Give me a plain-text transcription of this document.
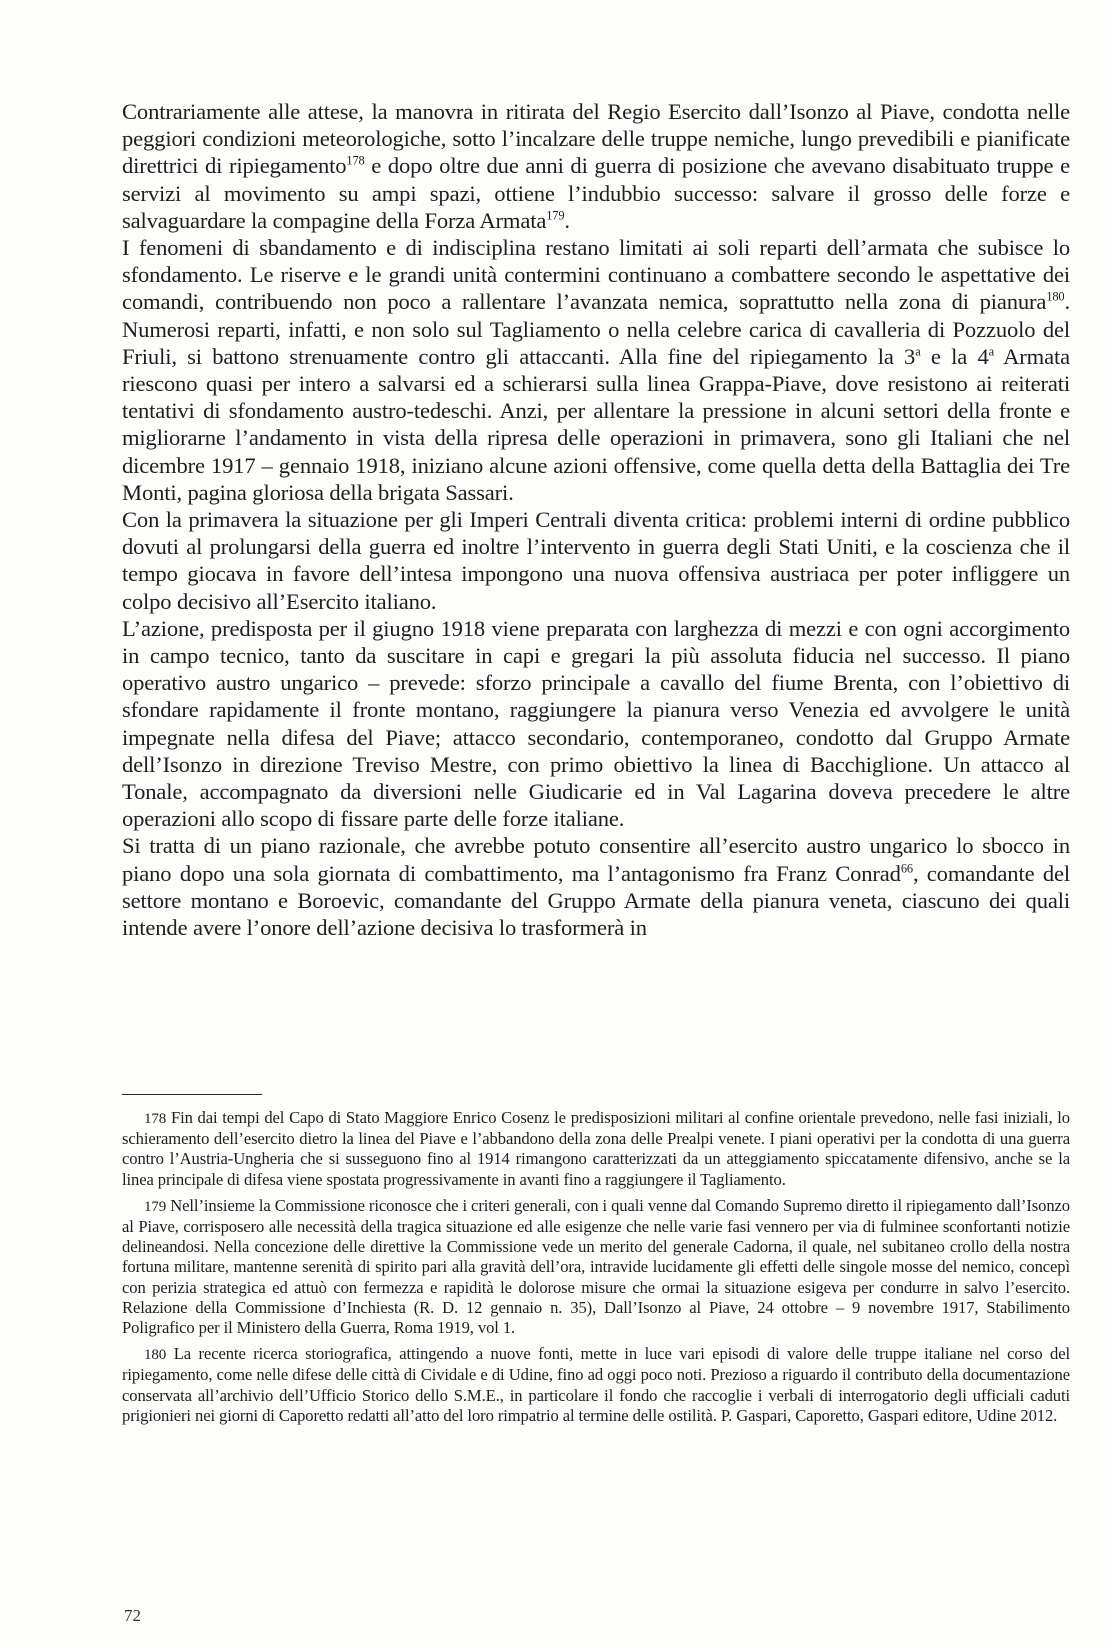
Contrariamente alle attese, la manovra in ritirata del Regio Esercito dall’Isonzo al Piave, condotta nelle peggiori condizioni meteorologiche, sotto l’incalzare delle truppe nemiche, lungo prevedibili e pianificate direttrici di ripiegamento$^{178}$ e dopo oltre due anni di guerra di posizione che avevano disabituato truppe e servizi al movimento su ampi spazi, ottiene l’indubbio successo: salvare il grosso delle forze e salvaguardare la compagine della Forza Armata$^{179}$.

I fenomeni di sbandamento e di indisciplina restano limitati ai soli reparti dell’armata che subisce lo sfondamento. Le riserve e le grandi unità contermini continuano a combattere secondo le aspettative dei comandi, contribuendo non poco a rallentare l’avanzata nemica, soprattutto nella zona di pianura$^{180}$. Numerosi reparti, infatti, e non solo sul Tagliamento o nella celebre carica di cavalleria di Pozzuolo del Friuli, si battono strenuamente contro gli attaccanti. Alla fine del ripiegamento la 3$^a$ e la 4$^a$ Armata riescono quasi per intero a salvarsi ed a schierarsi sulla linea Grappa-Piave, dove resistono ai reiterati tentativi di sfondamento austro-tedeschi. Anzi, per allentare la pressione in alcuni settori della fronte e migliorarne l’andamento in vista della ripresa delle operazioni in primavera, sono gli Italiani che nel dicembre 1917 – gennaio 1918, iniziano alcune azioni offensive, come quella detta della Battaglia dei Tre Monti, pagina gloriosa della brigata Sassari.

Con la primavera la situazione per gli Imperi Centrali diventa critica: problemi interni di ordine pubblico dovuti al prolungarsi della guerra ed inoltre l’intervento in guerra degli Stati Uniti, e la coscienza che il tempo giocava in favore dell’intesa impongono una nuova offensiva austriaca per poter infliggere un colpo decisivo all’Esercito italiano.

L’azione, predisposta per il giugno 1918 viene preparata con larghezza di mezzi e con ogni accorgimento in campo tecnico, tanto da suscitare in capi e gregari la più assoluta fiducia nel successo. Il piano operativo austro ungarico – prevede: sforzo principale a cavallo del fiume Brenta, con l’obiettivo di sfondare rapidamente il fronte montano, raggiungere la pianura verso Venezia ed avvolgere le unità impegnate nella difesa del Piave; attacco secondario, contemporaneo, condotto dal Gruppo Armate dell’Isonzo in direzione Treviso Mestre, con primo obiettivo la linea di Bacchiglione. Un attacco al Tonale, accompagnato da diversioni nelle Giudicarie ed in Val Lagarina doveva precedere le altre operazioni allo scopo di fissare parte delle forze italiane.

Si tratta di un piano razionale, che avrebbe potuto consentire all’esercito austro ungarico lo sbocco in piano dopo una sola giornata di combattimento, ma l’antagonismo fra Franz Conrad$^{66}$, comandante del settore montano e Boroevic, comandante del Gruppo Armate della pianura veneta, ciascuno dei quali intende avere l’onore dell’azione decisiva lo trasformerà in

178 Fin dai tempi del Capo di Stato Maggiore Enrico Cosenz le predisposizioni militari al confine orientale prevedono, nelle fasi iniziali, lo schieramento dell’esercito dietro la linea del Piave e l’abbandono della zona delle Prealpi venete. I piani operativi per la condotta di una guerra contro l’Austria-Ungheria che si susseguono fino al 1914 rimangono caratterizzati da un atteggiamento spiccatamente difensivo, anche se la linea principale di difesa viene spostata progressivamente in avanti fino a raggiungere il Tagliamento.

179 Nell’insieme la Commissione riconosce che i criteri generali, con i quali venne dal Comando Supremo diretto il ripiegamento dall’Isonzo al Piave, corrisposero alle necessità della tragica situazione ed alle esigenze che nelle varie fasi vennero per via di fulminee sconfortanti notizie delineandosi. Nella concezione delle direttive la Commissione vede un merito del generale Cadorna, il quale, nel subitaneo crollo della nostra fortuna militare, mantenne serenità di spirito pari alla gravità dell’ora, intravide lucidamente gli effetti delle singole mosse del nemico, concepì con perizia strategica ed attuò con fermezza e rapidità le dolorose misure che ormai la situazione esigeva per condurre in salvo l’esercito. Relazione della Commissione d’Inchiesta (R. D. 12 gennaio n. 35), Dall’Isonzo al Piave, 24 ottobre – 9 novembre 1917, Stabilimento Poligrafico per il Ministero della Guerra, Roma 1919, vol 1.

180 La recente ricerca storiografica, attingendo a nuove fonti, mette in luce vari episodi di valore delle truppe italiane nel corso del ripiegamento, come nelle difese delle città di Cividale e di Udine, fino ad oggi poco noti. Prezioso a riguardo il contributo della documentazione conservata all’archivio dell’Ufficio Storico dello S.M.E., in particolare il fondo che raccoglie i verbali di interrogatorio degli ufficiali caduti prigionieri nei giorni di Caporetto redatti all’atto del loro rimpatrio al termine delle ostilità. P. Gaspari, Caporetto, Gaspari editore, Udine 2012.

72
